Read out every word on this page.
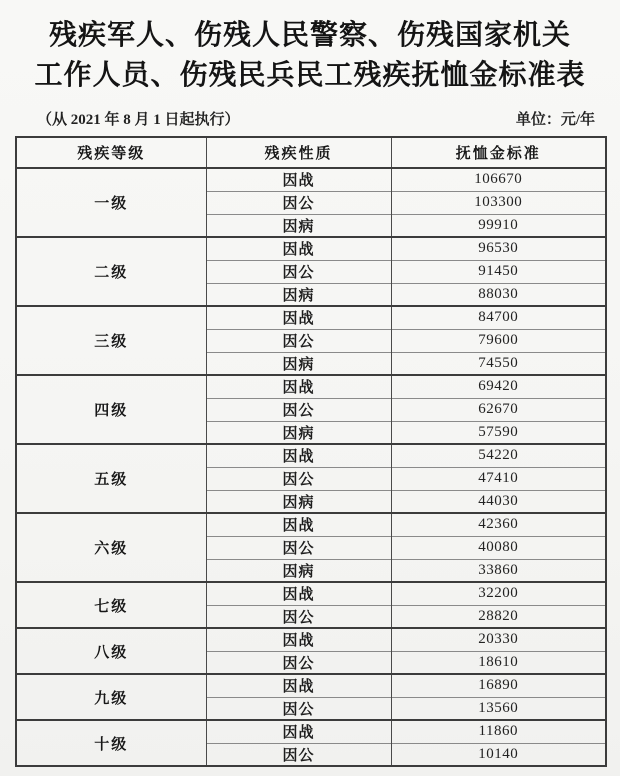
残疾军人、伤残人民警察、伤残国家机关
工作人员、伤残民兵民工残疾抚恤金标准表
（从 2021 年 8 月 1 日起执行）	单位：元/年
残疾等级	残疾性质	抚恤金标准
一级	因战	106670
	因公	103300
	因病	99910
二级	因战	96530
	因公	91450
	因病	88030
三级	因战	84700
	因公	79600
	因病	74550
四级	因战	69420
	因公	62670
	因病	57590
五级	因战	54220
	因公	47410
	因病	44030
六级	因战	42360
	因公	40080
	因病	33860
七级	因战	32200
	因公	28820
八级	因战	20330
	因公	18610
九级	因战	16890
	因公	13560
十级	因战	11860
	因公	10140
